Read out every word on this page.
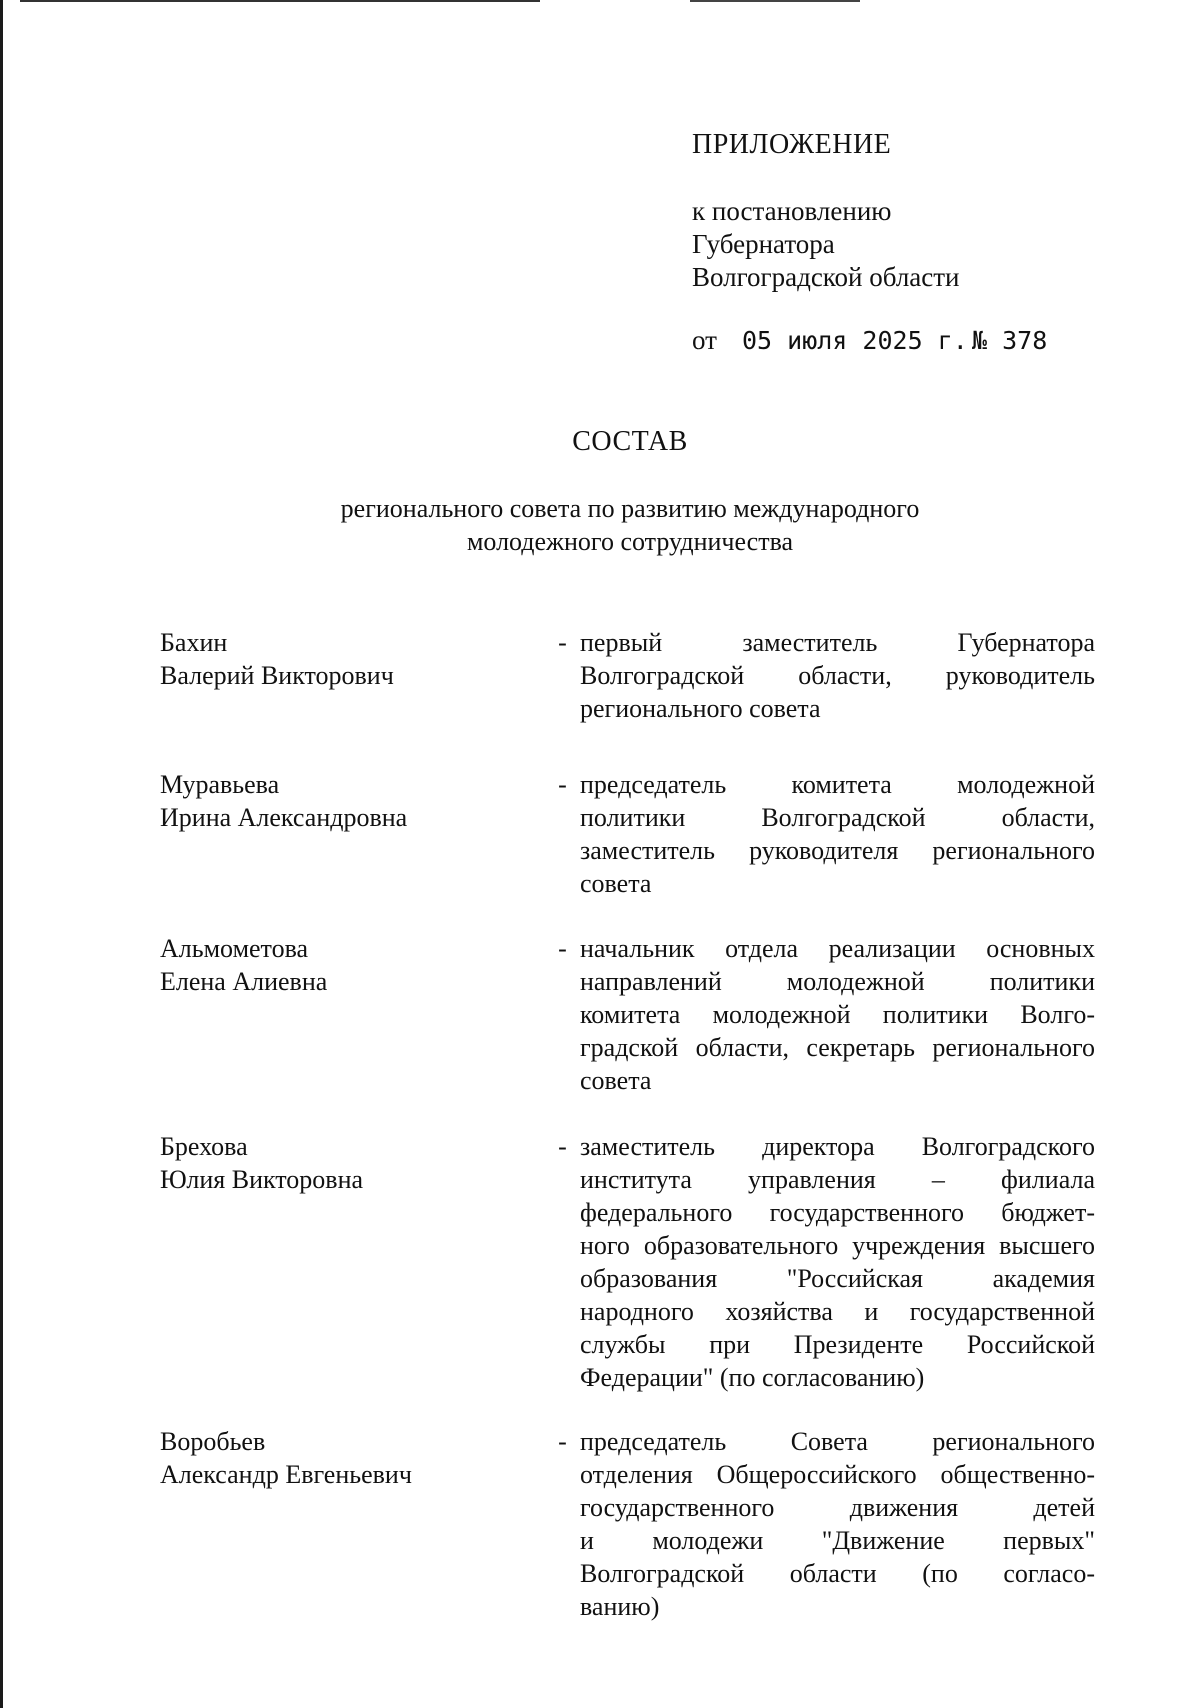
ПРИЛОЖЕНИЕ
к постановлению
Губернатора
Волгоградской области
от	05 июля 2025 г. № 378
СОСТАВ
регионального совета по развитию международного
молодежного сотрудничества
Бахин
Валерий Викторович
- первый заместитель Губернатора
Волгоградской области, руководитель
регионального совета
Муравьева
Ирина Александровна
- председатель комитета молодежной
политики Волгоградской области,
заместитель руководителя регионального
совета
Альмометова
Елена Алиевна
- начальник отдела реализации основных
направлений молодежной политики
комитета молодежной политики Волго-
градской области, секретарь регионального
совета
Брехова
Юлия Викторовна
- заместитель директора Волгоградского
института управления – филиала
федерального государственного бюджет-
ного образовательного учреждения высшего
образования "Российская академия
народного хозяйства и государственной
службы при Президенте Российской
Федерации" (по согласованию)
Воробьев
Александр Евгеньевич
- председатель Совета регионального
отделения Общероссийского общественно-
государственного движения детей
и молодежи "Движение первых"
Волгоградской области (по согласо-
ванию)
